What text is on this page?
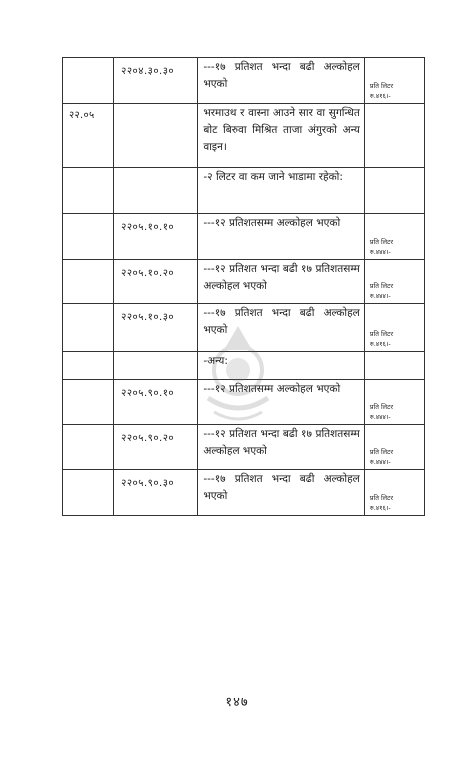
	२२०४.३०.३०	---१७ प्रतिशत भन्दा बढी अल्कोहल भएको	प्रति लिटर
रु.४१६।-

२२.०५		भरमाउथ र वास्ना आउने सार वा सुगन्धित बोट बिरुवा मिश्रित ताजा अंगुरको अन्य वाइन।	

		-२ लिटर वा कम जाने भाडामा रहेको:	

	२२०५.१०.१०	---१२ प्रतिशतसम्म अल्कोहल भएको	प्रति लिटर
रु.४४४।-

	२२०५.१०.२०	---१२ प्रतिशत भन्दा बढी १७ प्रतिशतसम्म अल्कोहल भएको	प्रति लिटर
रु.४४४।-

	२२०५.१०.३०	---१७ प्रतिशत भन्दा बढी अल्कोहल भएको	प्रति लिटर
रु.४१६।-

		-अन्य:	

	२२०५.९०.१०	---१२ प्रतिशतसम्म अल्कोहल भएको	प्रति लिटर
रु.४४४।-

	२२०५.९०.२०	---१२ प्रतिशत भन्दा बढी १७ प्रतिशतसम्म अल्कोहल भएको	प्रति लिटर
रु.४४४।-

	२२०५.९०.३०	---१७ प्रतिशत भन्दा बढी अल्कोहल भएको	प्रति लिटर
रु.४१६।-
१४७
